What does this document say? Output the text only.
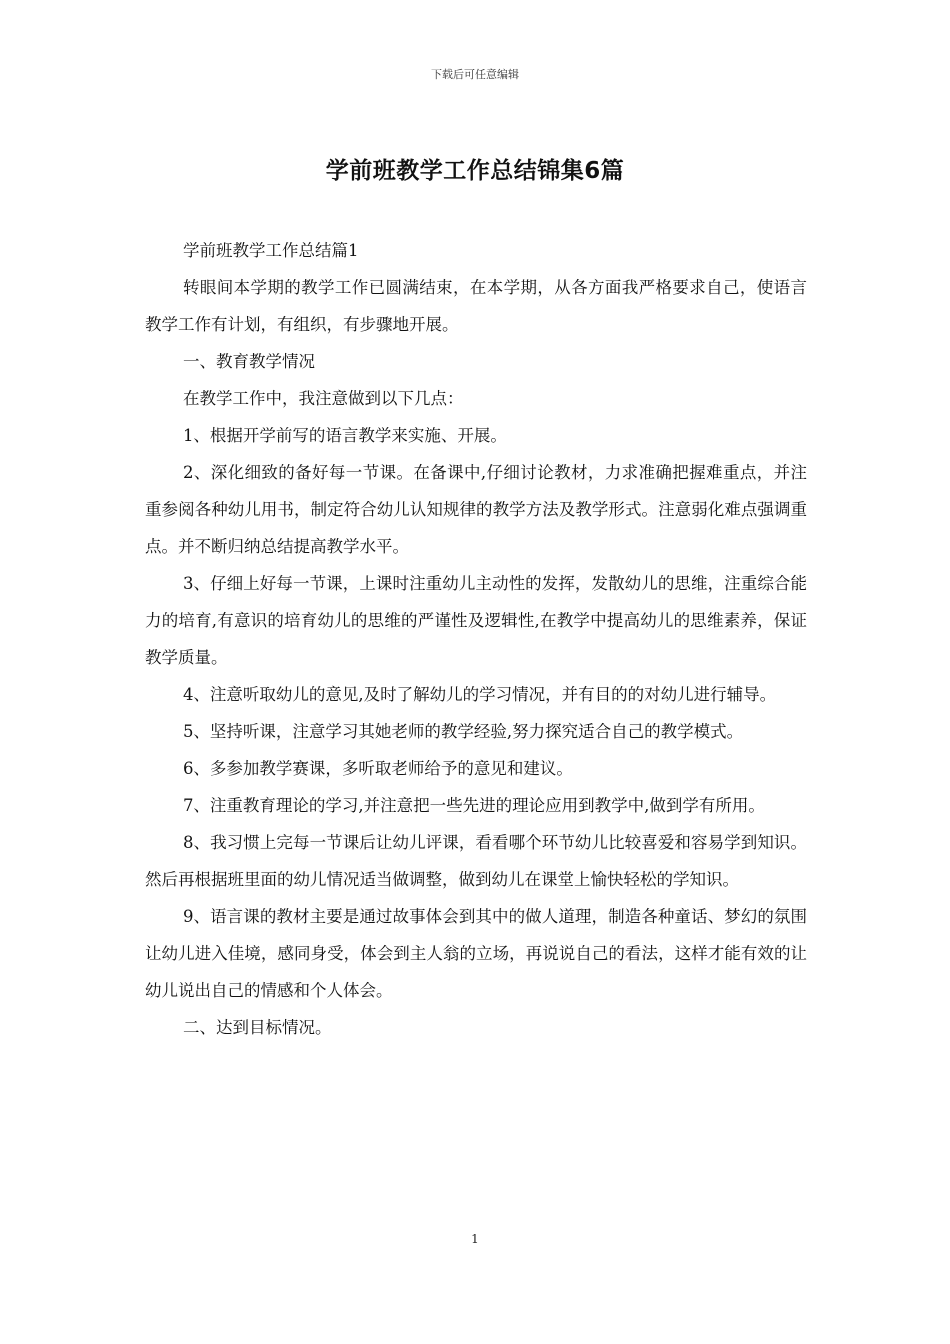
下载后可任意编辑
学前班教学工作总结锦集6篇

学前班教学工作总结篇1

转眼间本学期的教学工作已圆满结束，在本学期，从各方面我严格要求自己，使语言教学工作有计划，有组织，有步骤地开展。

一、教育教学情况

在教学工作中，我注意做到以下几点：

1、根据开学前写的语言教学来实施、开展。

2、深化细致的备好每一节课。在备课中,仔细讨论教材，力求准确把握难重点，并注重参阅各种幼儿用书，制定符合幼儿认知规律的教学方法及教学形式。注意弱化难点强调重点。并不断归纳总结提高教学水平。

3、仔细上好每一节课，上课时注重幼儿主动性的发挥，发散幼儿的思维，注重综合能力的培育,有意识的培育幼儿的思维的严谨性及逻辑性,在教学中提高幼儿的思维素养，保证教学质量。

4、注意听取幼儿的意见,及时了解幼儿的学习情况，并有目的的对幼儿进行辅导。

5、坚持听课，注意学习其她老师的教学经验,努力探究适合自己的教学模式。

6、多参加教学赛课，多听取老师给予的意见和建议。

7、注重教育理论的学习,并注意把一些先进的理论应用到教学中,做到学有所用。

8、我习惯上完每一节课后让幼儿评课，看看哪个环节幼儿比较喜爱和容易学到知识。然后再根据班里面的幼儿情况适当做调整，做到幼儿在课堂上愉快轻松的学知识。

9、语言课的教材主要是通过故事体会到其中的做人道理，制造各种童话、梦幻的氛围让幼儿进入佳境，感同身受，体会到主人翁的立场，再说说自己的看法，这样才能有效的让幼儿说出自己的情感和个人体会。

二、达到目标情况。

1
